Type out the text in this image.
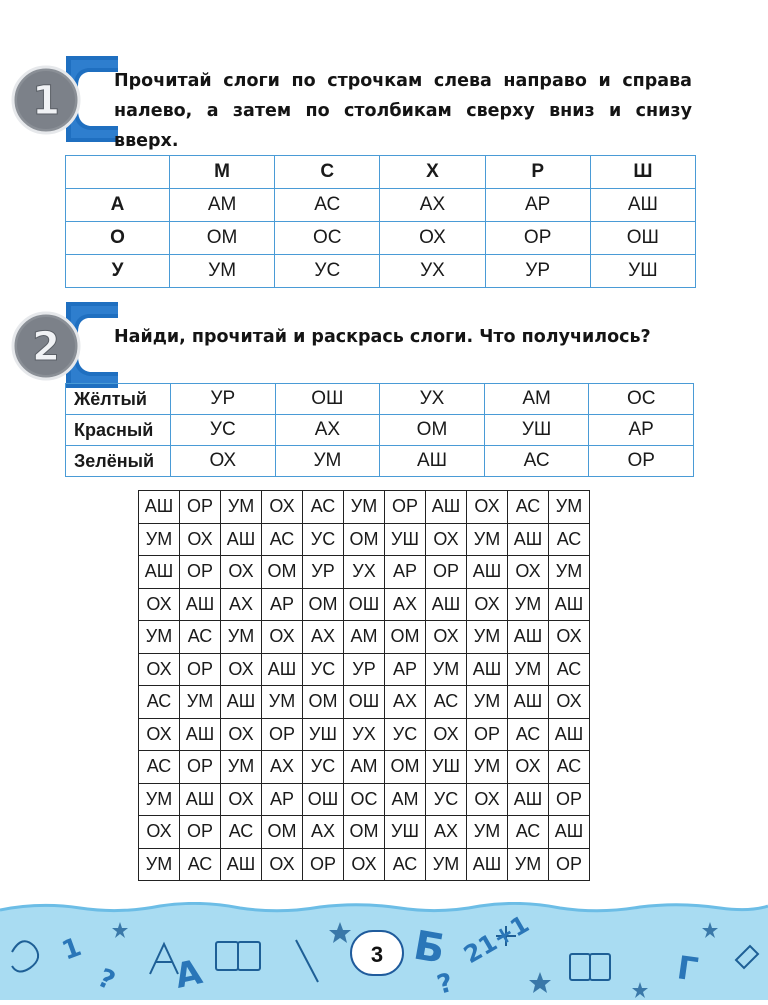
1	Прочитай слоги по строчкам слева направо и справа налево, а затем по столбикам сверху вниз и снизу вверх.
	М	С	Х	Р	Ш
А	АМ	АС	АХ	АР	АШ
О	ОМ	ОС	ОХ	ОР	ОШ
У	УМ	УС	УХ	УР	УШ
2	Найди, прочитай и раскрась слоги. Что получилось?
Жёлтый	УР	ОШ	УХ	АМ	ОС
Красный	УС	АХ	ОМ	УШ	АР
Зелёный	ОХ	УМ	АШ	АС	ОР
АШ	ОР	УМ	ОХ	АС	УМ	ОР	АШ	ОХ	АС	УМ
УМ	ОХ	АШ	АС	УС	ОМ	УШ	ОХ	УМ	АШ	АС
АШ	ОР	ОХ	ОМ	УР	УХ	АР	ОР	АШ	ОХ	УМ
ОХ	АШ	АХ	АР	ОМ	ОШ	АХ	АШ	ОХ	УМ	АШ
УМ	АС	УМ	ОХ	АХ	АМ	ОМ	ОХ	УМ	АШ	ОХ
ОХ	ОР	ОХ	АШ	УС	УР	АР	УМ	АШ	УМ	АС
АС	УМ	АШ	УМ	ОМ	ОШ	АХ	АС	УМ	АШ	ОХ
ОХ	АШ	ОХ	ОР	УШ	УХ	УС	ОХ	ОР	АС	АШ
АС	ОР	УМ	АХ	УС	АМ	ОМ	УШ	УМ	ОХ	АС
УМ	АШ	ОХ	АР	ОШ	ОС	АМ	УС	ОХ	АШ	ОР
ОХ	ОР	АС	ОМ	АХ	ОМ	УШ	АХ	УМ	АС	АШ
УМ	АС	АШ	ОХ	ОР	ОХ	АС	УМ	АШ	УМ	ОР
1
? А
Б
?
21+1	Г
3
